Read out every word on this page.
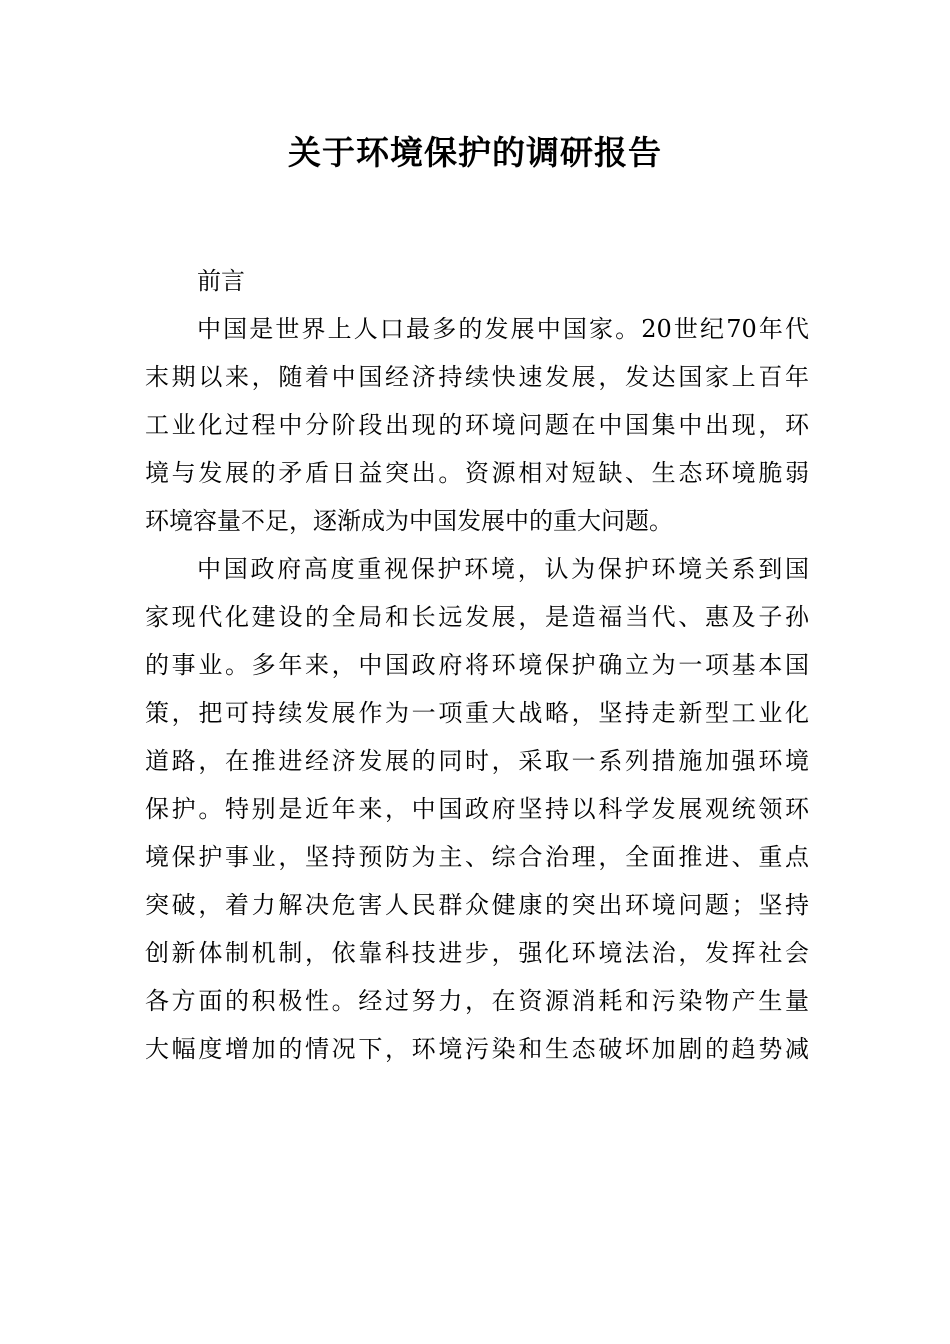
关于环境保护的调研报告
前言
中国是世界上人口最多的发展中国家。20世纪70年代
末期以来，随着中国经济持续快速发展，发达国家上百年
工业化过程中分阶段出现的环境问题在中国集中出现，环
境与发展的矛盾日益突出。资源相对短缺、生态环境脆弱
环境容量不足，逐渐成为中国发展中的重大问题。
中国政府高度重视保护环境，认为保护环境关系到国
家现代化建设的全局和长远发展，是造福当代、惠及子孙
的事业。多年来，中国政府将环境保护确立为一项基本国
策，把可持续发展作为一项重大战略，坚持走新型工业化
道路，在推进经济发展的同时，采取一系列措施加强环境
保护。特别是近年来，中国政府坚持以科学发展观统领环
境保护事业，坚持预防为主、综合治理，全面推进、重点
突破，着力解决危害人民群众健康的突出环境问题；坚持
创新体制机制，依靠科技进步，强化环境法治，发挥社会
各方面的积极性。经过努力，在资源消耗和污染物产生量
大幅度增加的情况下，环境污染和生态破坏加剧的趋势减
